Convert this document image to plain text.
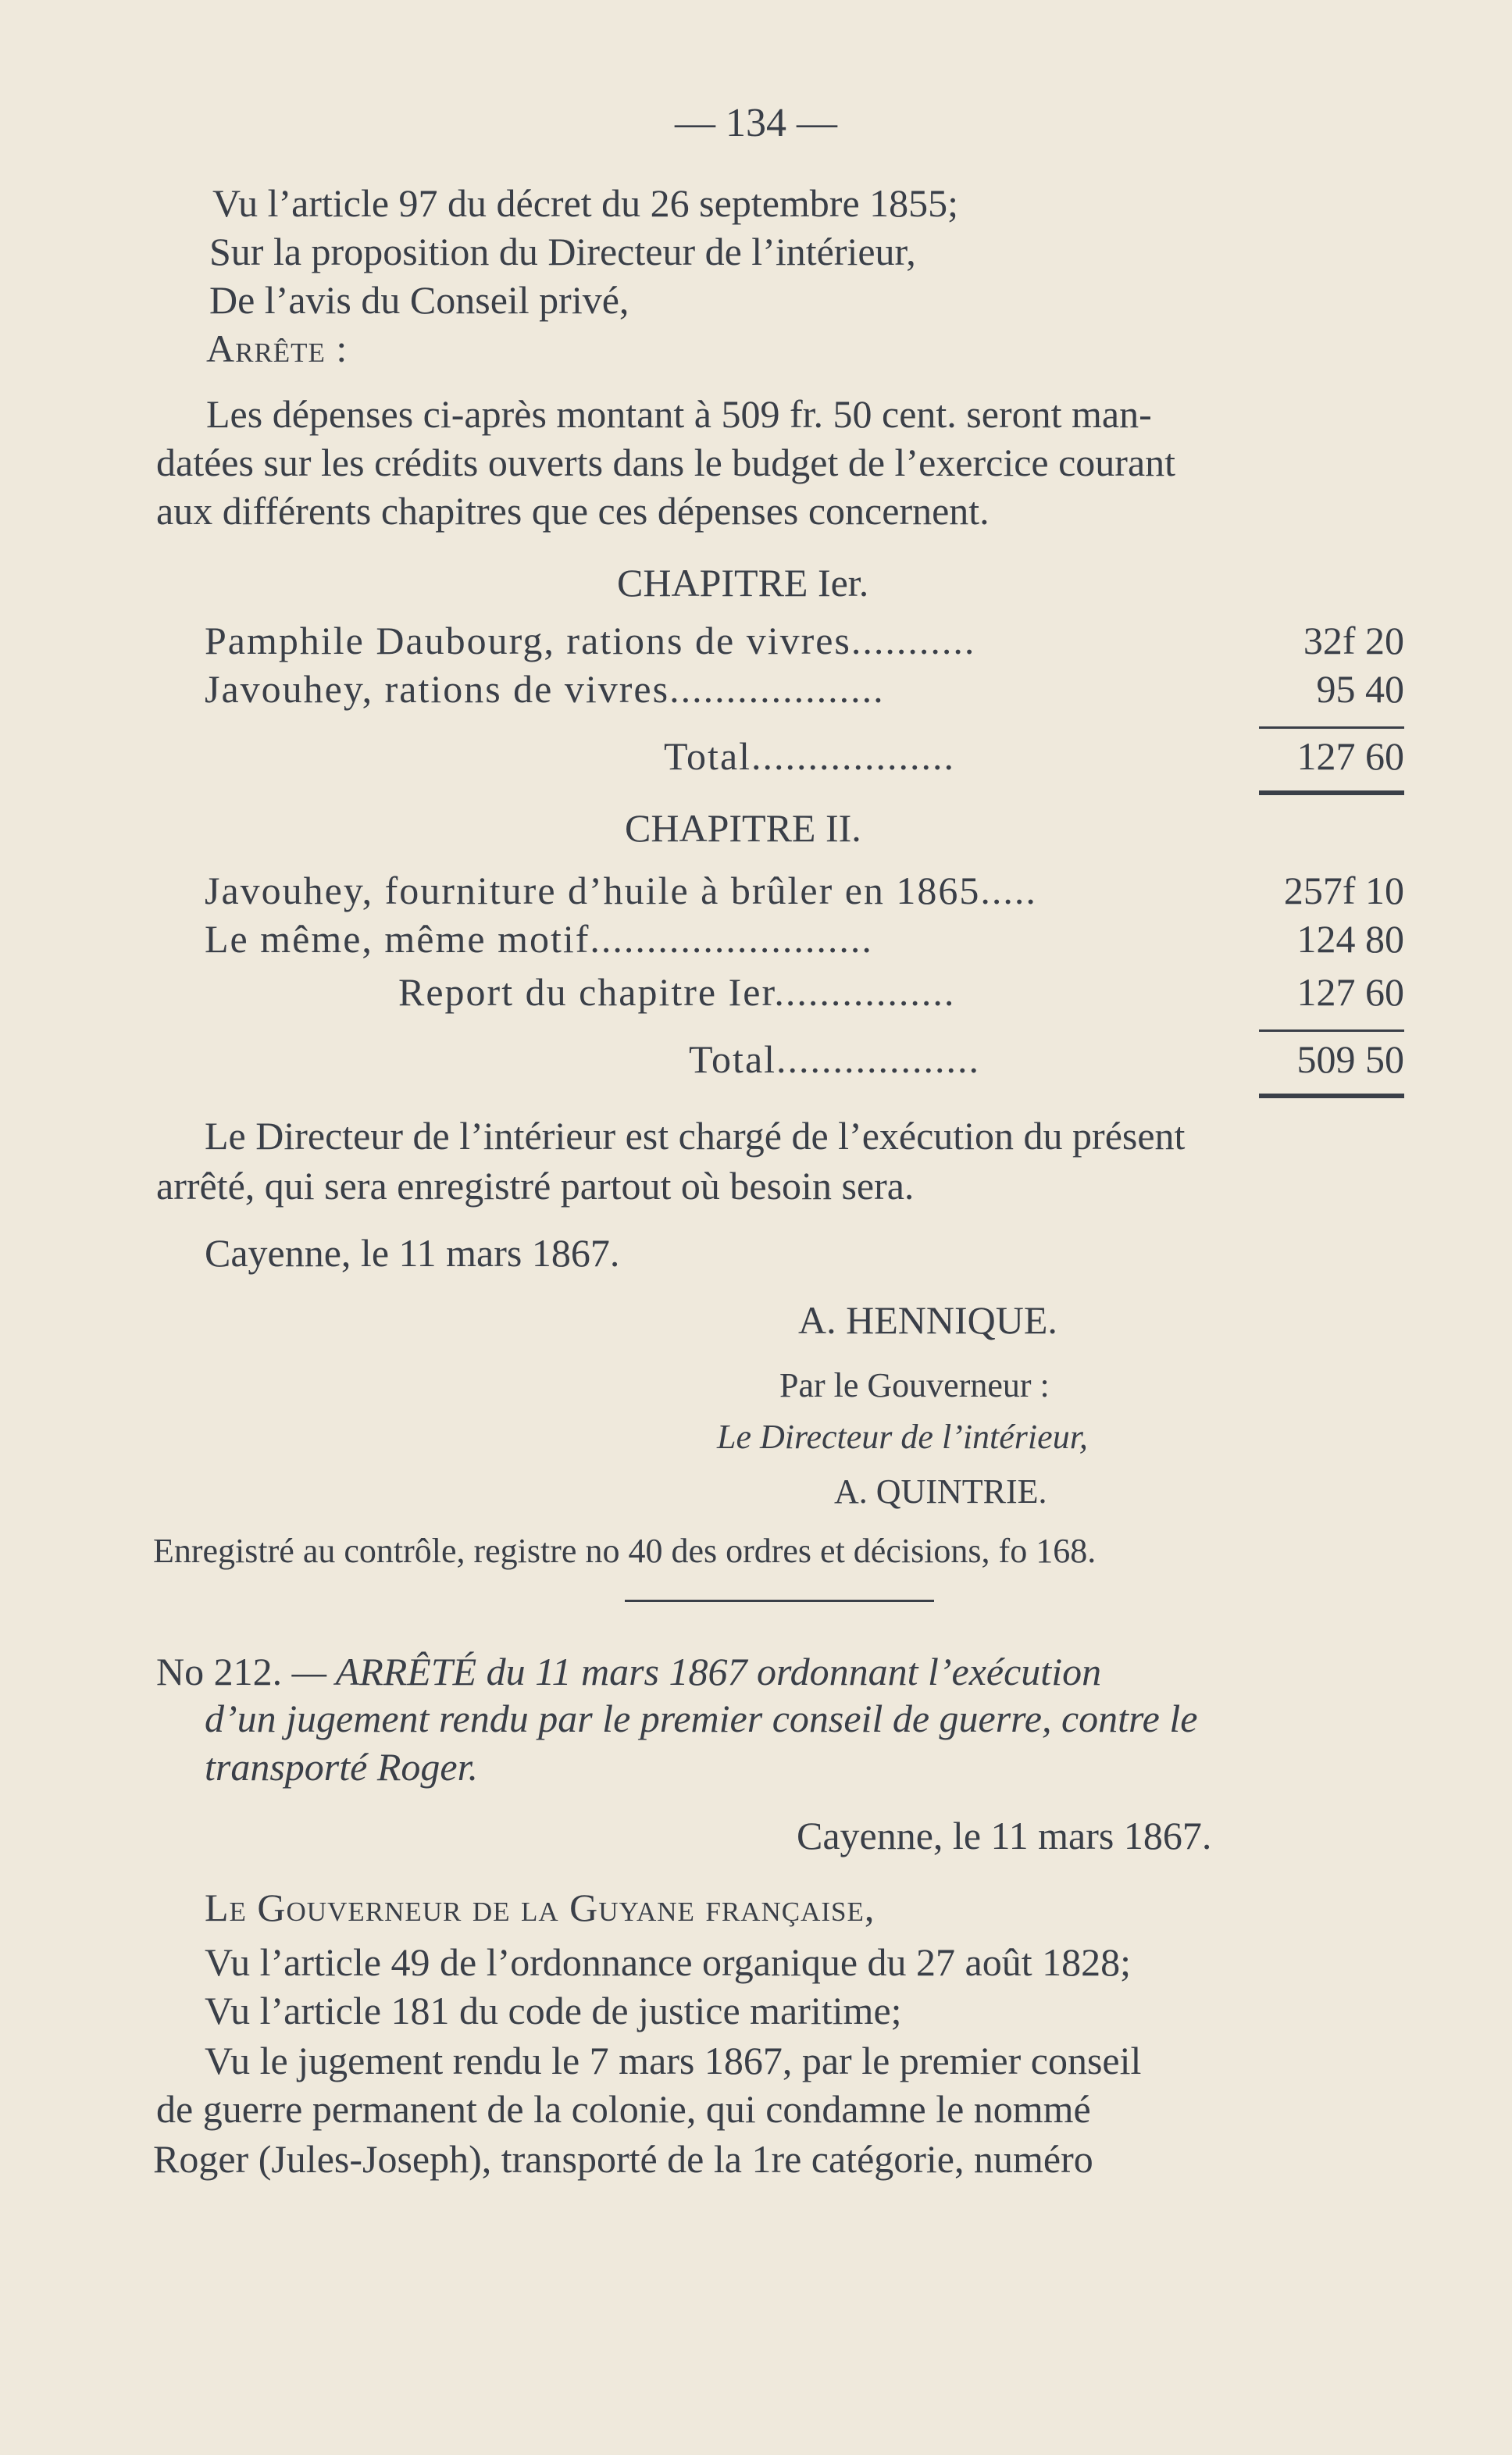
— 134 —
Vu l’article 97 du décret du 26 septembre 1855;
Sur la proposition du Directeur de l’intérieur,
De l’avis du Conseil privé,
Arrête :
Les dépenses ci-après montant à 509 fr. 50 cent. seront man-
datées sur les crédits ouverts dans le budget de l’exercice courant
aux différents chapitres que ces dépenses concernent.
CHAPITRE Ier.
Pamphile Daubourg, rations de vivres...........	32f 20
Javouhey, rations de vivres...................	95 40
Total..................	127 60
CHAPITRE II.
Javouhey, fourniture d’huile à brûler en 1865.....	257f 10
Le même, même motif.........................	124 80
Report du chapitre Ier................	127 60
Total..................	509 50
Le Directeur de l’intérieur est chargé de l’exécution du présent
arrêté, qui sera enregistré partout où besoin sera.
Cayenne, le 11 mars 1867.
A. HENNIQUE.
Par le Gouverneur :
Le Directeur de l’intérieur,
A. QUINTRIE.
Enregistré au contrôle, registre no 40 des ordres et décisions, fo 168.
No 212. — ARRÊTÉ du 11 mars 1867 ordonnant l’exécution
d’un jugement rendu par le premier conseil de guerre, contre le
transporté Roger.
Cayenne, le 11 mars 1867.
Le Gouverneur de la Guyane française,
Vu l’article 49 de l’ordonnance organique du 27 août 1828;
Vu l’article 181 du code de justice maritime;
Vu le jugement rendu le 7 mars 1867, par le premier conseil
de guerre permanent de la colonie, qui condamne le nommé
Roger (Jules-Joseph), transporté de la 1re catégorie, numéro
